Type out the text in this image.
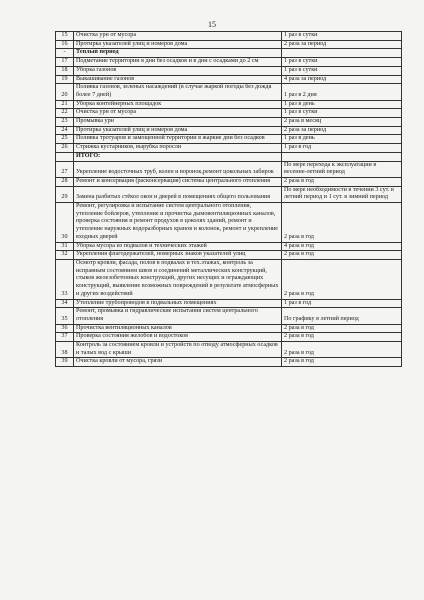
15
15	Очистка урн от мусора	1 раз в сутки
16	Протирка указателей улиц и номеров дома	2 раза за период
-	Теплый период	
17	Подметание территории в дни без осадков и в дни с осадками до 2 см	1 раз в сутки
18	Уборка газонов	1 раз в сутки
19	Выкашивание газонов	4 раза за период
20	Поливка газонов, зеленых насаждений (в случае жаркой погоды без дождя более 7 дней)	1 раз в 2 дня
21	Уборка контейнерных площадок	1 раз в день
22	Очистка урн от мусора	1 раз в сутки
23	Промывка урн	2 раза в месяц
24	Протирка указателей улиц и номеров дома	2 раза за период
25	Поливка тротуаров и замощенной территории в жаркие дни без осадков	1 раз в день
26	Стрижка кустарников, вырубка поросли	1 раз в год
	ИТОГО:	
27	Укрепление водосточных труб, колен и воронок,ремонт цокольных забирок	По мере перехода к эксплуатации в весенне-летний период
28	Ремонт и консервация (расконсервация) системы центрального отопления	2 раза в год
29	Замена разбитых стёкол окон и дверей в помещениях общего пользования	По мере необходимости в течении 3 сут. в летний период и 1 сут. в зимний период
30	Ремонт, регулировка и испытание систем центрального отопления, утепление бойлеров, утепление и прочистка дымовентиляционных каналов, проверка состояния и ремонт продухов в цоколях зданий, ремонт и утепление наружных водоразборных кранов и колонок, ремонт и укрепление входных дверей	2 раза в год
31	Уборка мусора из подвалов и технических этажей	4 раза в год
32	Укрепления флагодержателей, номерных знаков указателей улиц	2 раза в год
33	Осмотр кровли, фасада, полов в подвалах и тех.этажах, контроль за исправным состоянием швов и соединений металлических конструкций, стыков железобетонных конструкций, других несущих и ограждающих конструкций, выявление возможных повреждений в результате атмосферных и других воздействий	2 раза в год
34	Утепление трубопроводов в подвальных помещениях	1 раз в год
35	Ремонт, промывка и гидравлические испытания систем центрального отопления	По графику в летний период
36	Прочистка вентиляционных каналов	2 раза в год
37	Проверка состояния желобов и водостоков	2 раза в год
38	Контроль за состоянием кровли и устройств по отводу атмосферных осадков и талых вод с крыши	2 раза в год
39	Очистка кровли от мусора, грязи	2 раза в год
